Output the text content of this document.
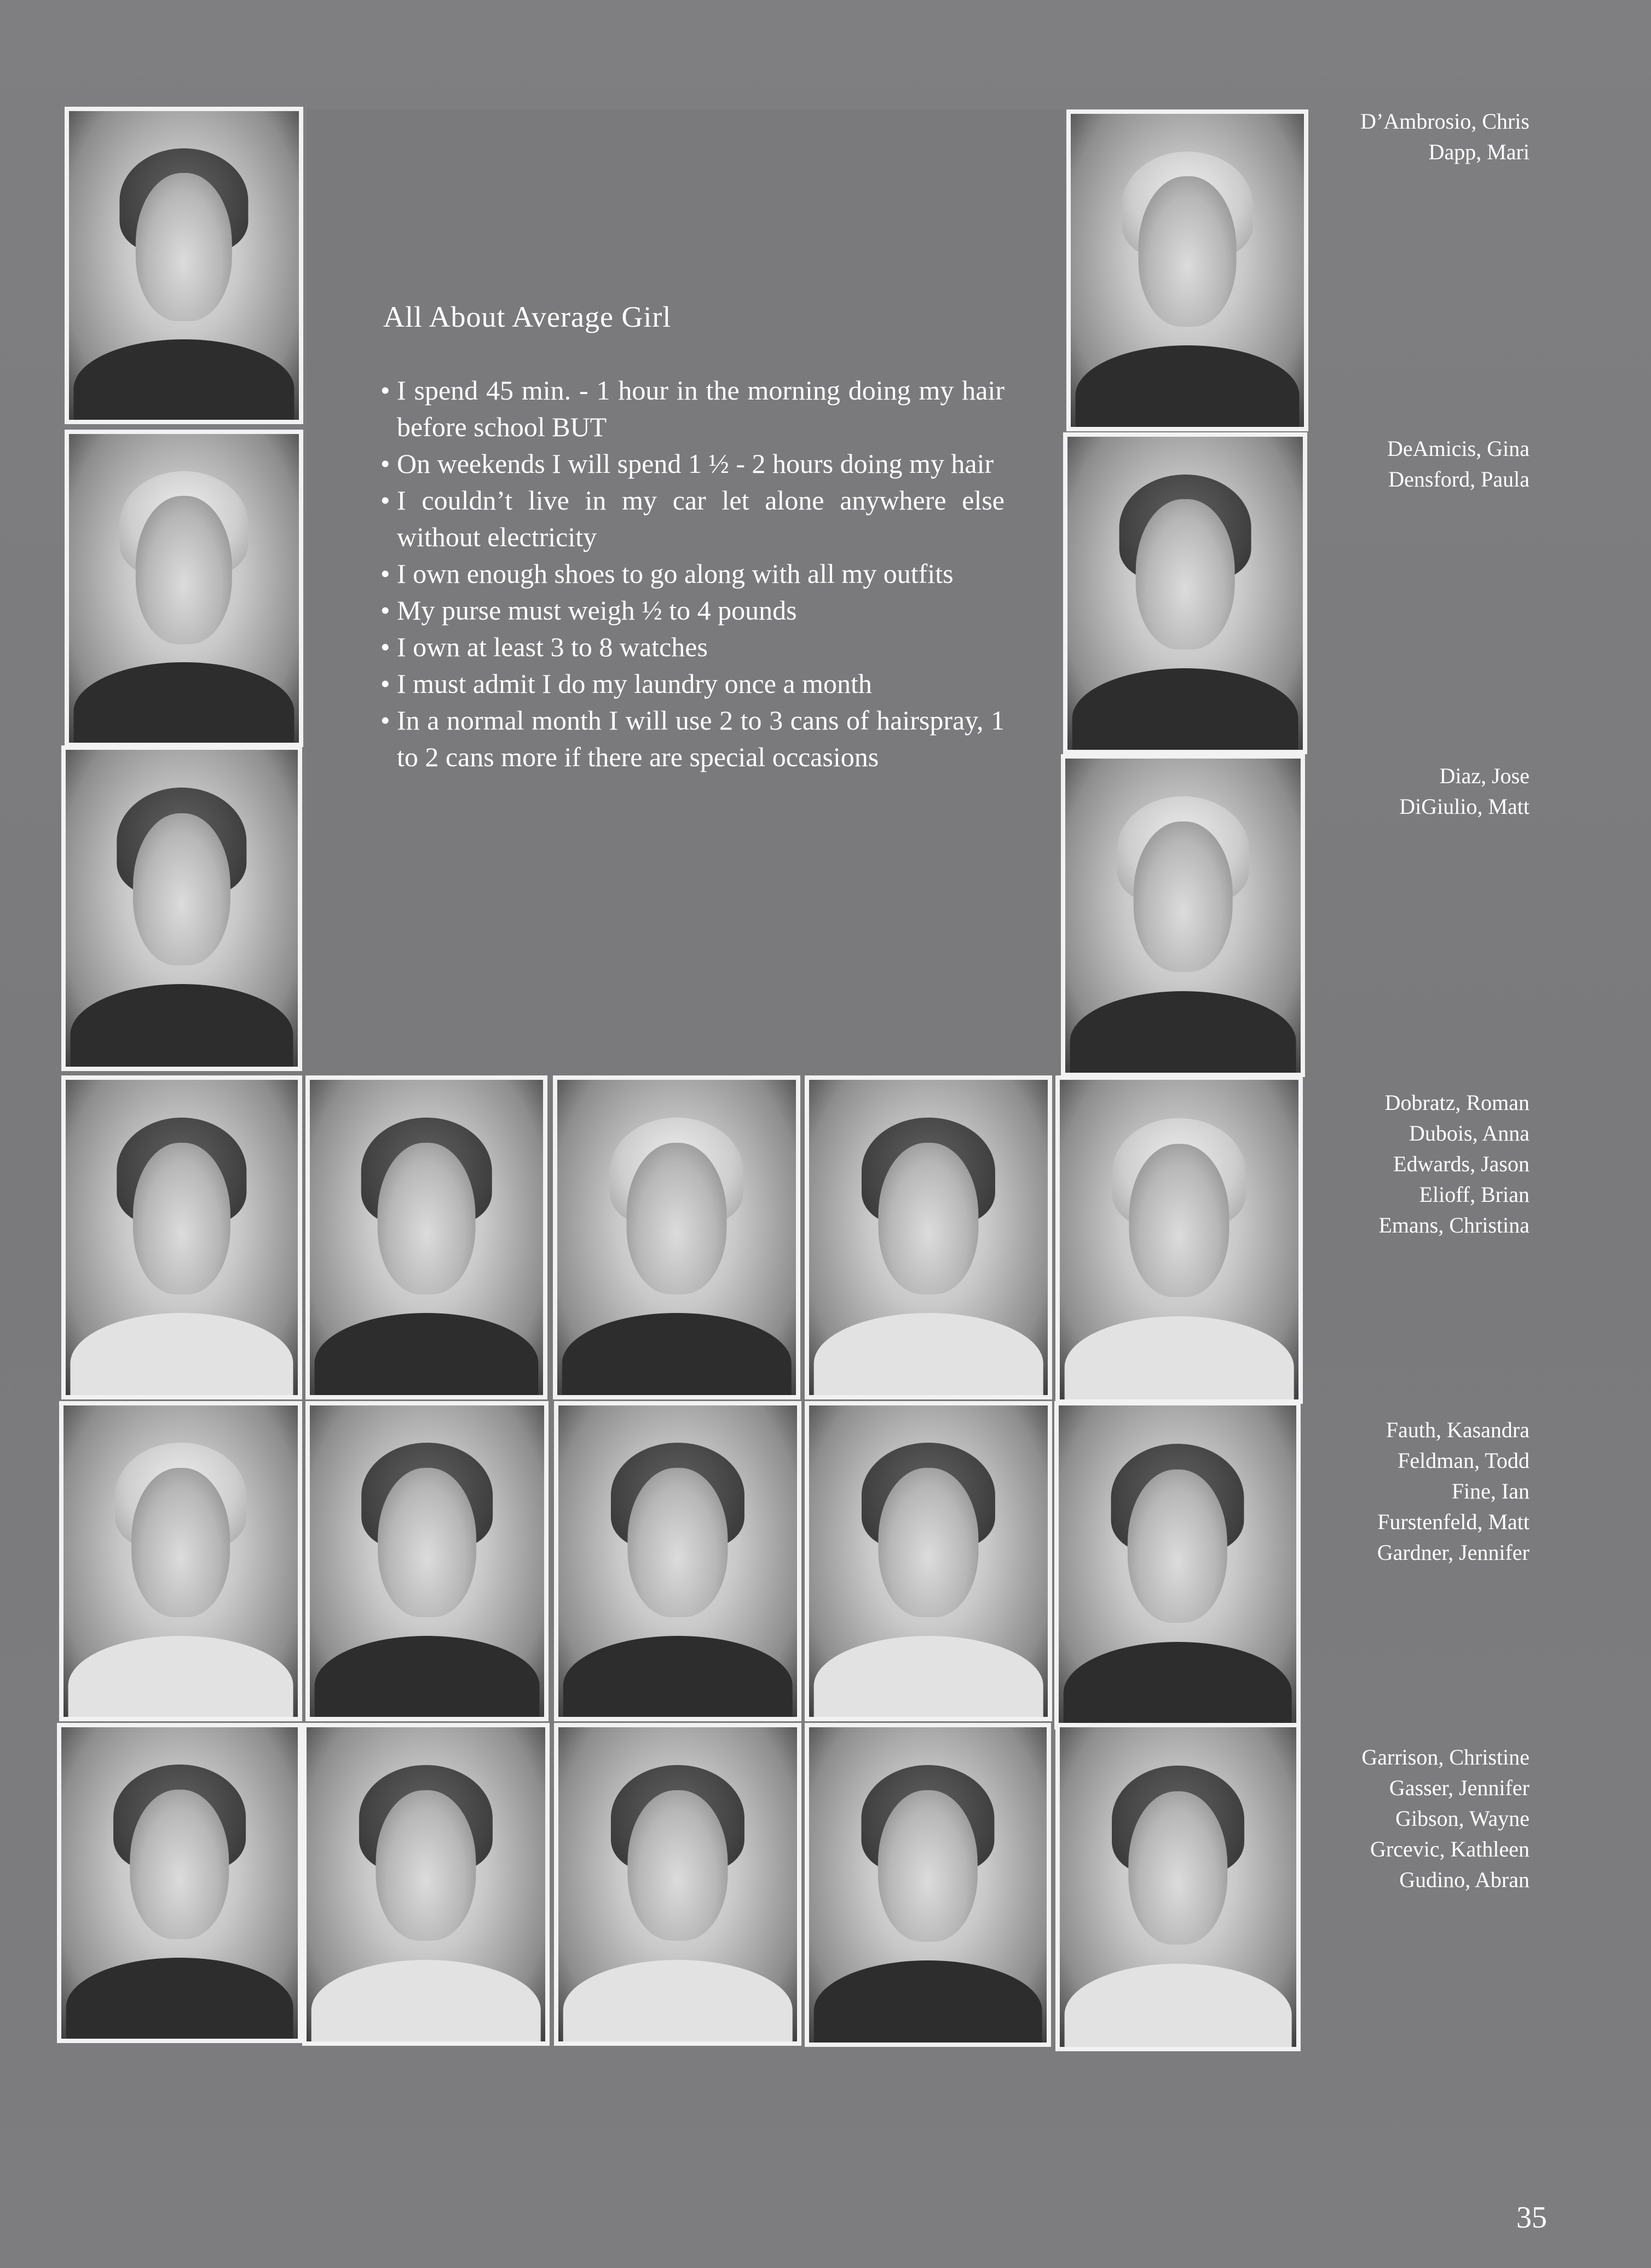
All About Average Girl
• I spend 45 min. - 1 hour in the morning doing my hair before school BUT
• On weekends I will spend 1 ½ - 2 hours doing my hair
• I couldn’t live in my car let alone anywhere else without electricity
• I own enough shoes to go along with all my outfits
• My purse must weigh ½ to 4 pounds
• I own at least 3 to 8 watches
• I must admit I do my laundry once a month
• In a normal month I will use 2 to 3 cans of hairspray, 1 to 2 cans more if there are special occasions
D’Ambrosio, Chris
Dapp, Mari
DeAmicis, Gina
Densford, Paula
Diaz, Jose
DiGiulio, Matt
Dobratz, Roman
Dubois, Anna
Edwards, Jason
Elioff, Brian
Emans, Christina
Fauth, Kasandra
Feldman, Todd
Fine, Ian
Furstenfeld, Matt
Gardner, Jennifer
Garrison, Christine
Gasser, Jennifer
Gibson, Wayne
Grcevic, Kathleen
Gudino, Abran
35
